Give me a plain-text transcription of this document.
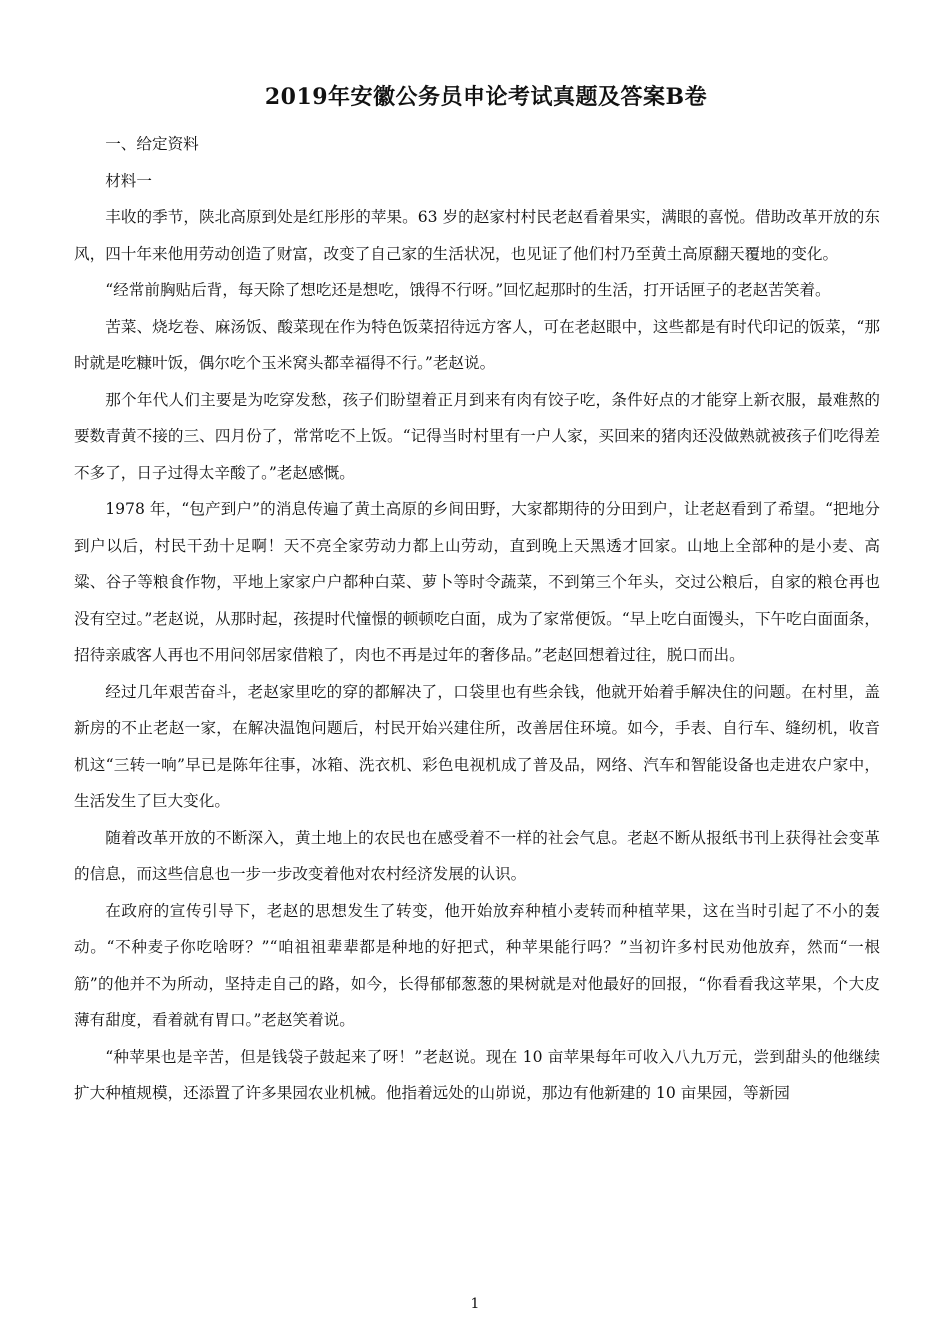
2019年安徽公务员申论考试真题及答案B卷

一、给定资料

材料一

丰收的季节，陕北高原到处是红彤彤的苹果。63 岁的赵家村村民老赵看着果实，满眼的喜悦。借助改革开放的东风，四十年来他用劳动创造了财富，改变了自己家的生活状况，也见证了他们村乃至黄土高原翻天覆地的变化。

“经常前胸贴后背，每天除了想吃还是想吃，饿得不行呀。”回忆起那时的生活，打开话匣子的老赵苦笑着。

苦菜、烧圪卷、麻汤饭、酸菜现在作为特色饭菜招待远方客人，可在老赵眼中，这些都是有时代印记的饭菜，“那时就是吃糠叶饭，偶尔吃个玉米窝头都幸福得不行。”老赵说。

那个年代人们主要是为吃穿发愁，孩子们盼望着正月到来有肉有饺子吃，条件好点的才能穿上新衣服，最难熬的要数青黄不接的三、四月份了，常常吃不上饭。“记得当时村里有一户人家，买回来的猪肉还没做熟就被孩子们吃得差不多了，日子过得太辛酸了。”老赵感慨。

1978 年，“包产到户”的消息传遍了黄土高原的乡间田野，大家都期待的分田到户，让老赵看到了希望。“把地分到户以后，村民干劲十足啊！天不亮全家劳动力都上山劳动，直到晚上天黑透才回家。山地上全部种的是小麦、高粱、谷子等粮食作物，平地上家家户户都种白菜、萝卜等时令蔬菜，不到第三个年头，交过公粮后，自家的粮仓再也没有空过。”老赵说，从那时起，孩提时代憧憬的顿顿吃白面，成为了家常便饭。“早上吃白面馒头，下午吃白面面条，招待亲戚客人再也不用问邻居家借粮了，肉也不再是过年的奢侈品。”老赵回想着过往，脱口而出。

经过几年艰苦奋斗，老赵家里吃的穿的都解决了，口袋里也有些余钱，他就开始着手解决住的问题。在村里，盖新房的不止老赵一家，在解决温饱问题后，村民开始兴建住所，改善居住环境。如今，手表、自行车、缝纫机，收音机这“三转一响”早已是陈年往事，冰箱、洗衣机、彩色电视机成了普及品，网络、汽车和智能设备也走进农户家中，生活发生了巨大变化。

随着改革开放的不断深入，黄土地上的农民也在感受着不一样的社会气息。老赵不断从报纸书刊上获得社会变革的信息，而这些信息也一步一步改变着他对农村经济发展的认识。

在政府的宣传引导下，老赵的思想发生了转变，他开始放弃种植小麦转而种植苹果，这在当时引起了不小的轰动。“不种麦子你吃啥呀？”“咱祖祖辈辈都是种地的好把式，种苹果能行吗？”当初许多村民劝他放弃，然而“一根筋”的他并不为所动，坚持走自己的路，如今，长得郁郁葱葱的果树就是对他最好的回报，“你看看我这苹果，个大皮薄有甜度，看着就有胃口。”老赵笑着说。

“种苹果也是辛苦，但是钱袋子鼓起来了呀！”老赵说。现在 10 亩苹果每年可收入八九万元，尝到甜头的他继续扩大种植规模，还添置了许多果园农业机械。他指着远处的山峁说，那边有他新建的 10 亩果园，等新园

1
